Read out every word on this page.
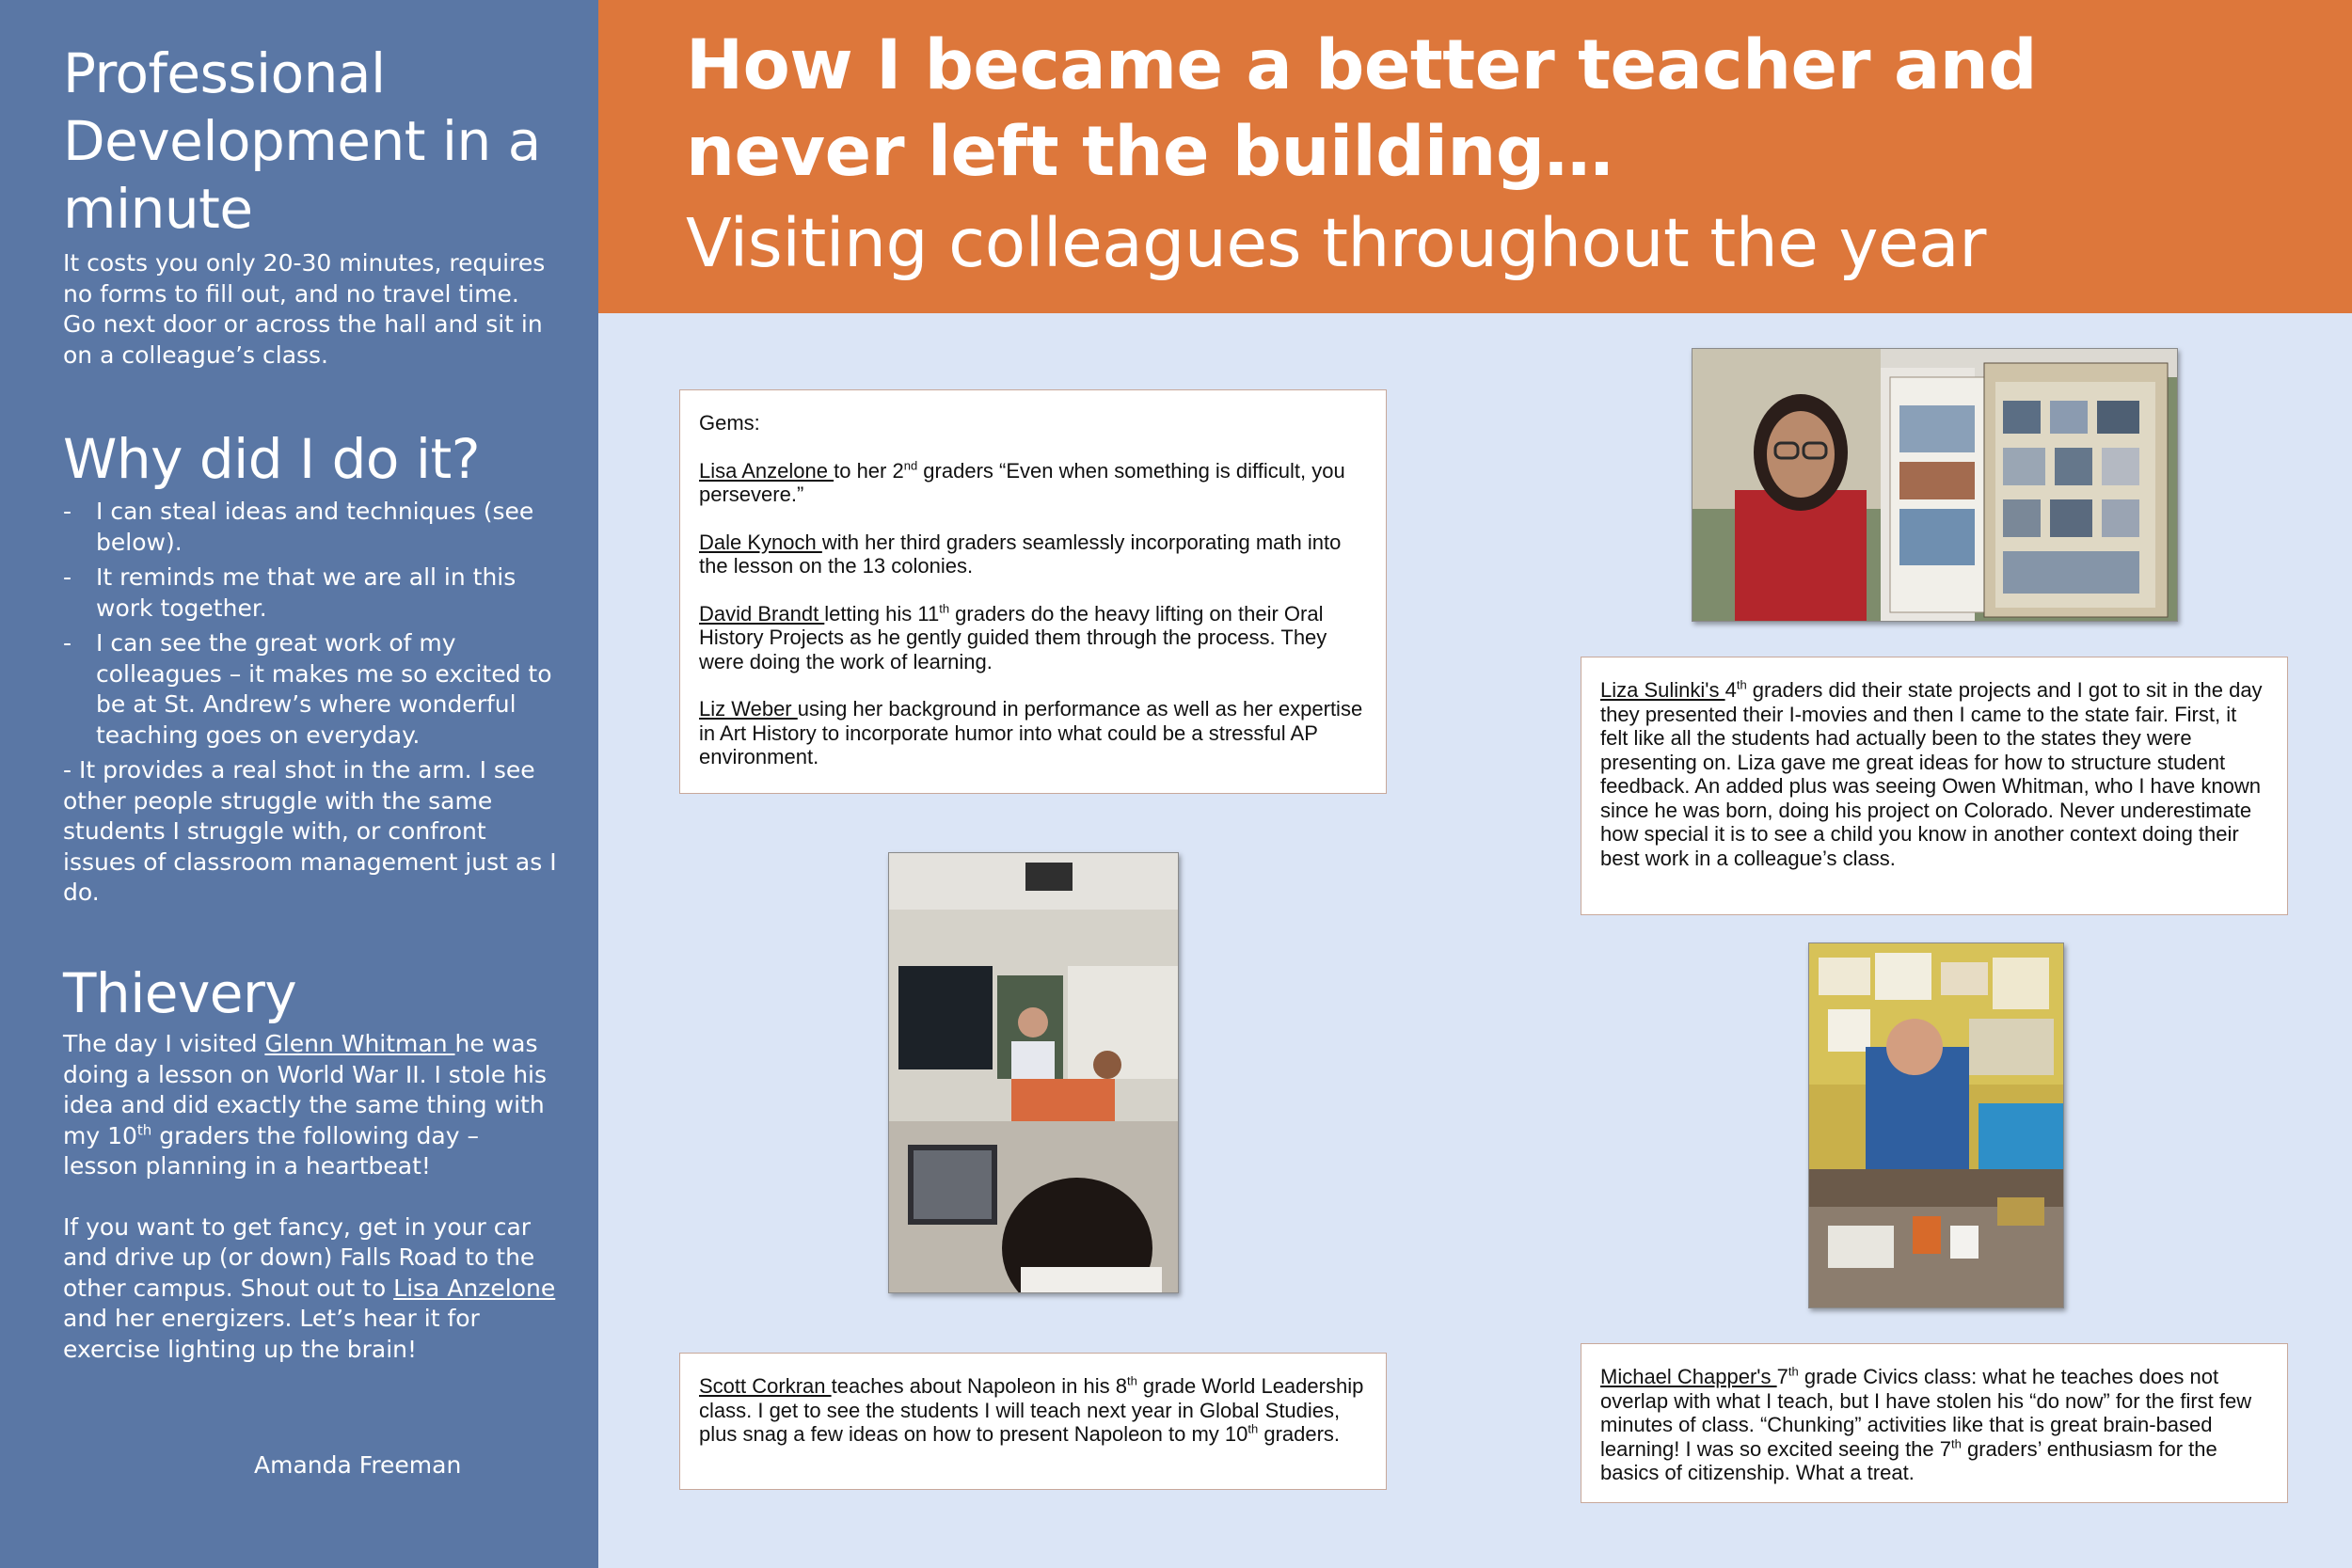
Professional Development in a minute
It costs you only 20-30 minutes, requires no forms to fill out, and no travel time. Go next door or across the hall and sit in on a colleague’s class.
Why did I do it?
- I can steal ideas and techniques (see below).
- It reminds me that we are all in this work together.
- I can see the great work of my colleagues – it makes me so excited to be at St. Andrew’s where wonderful teaching goes on everyday.
- It provides a real shot in the arm. I see other people struggle with the same students I struggle with, or confront issues of classroom management just as I do.
Thievery
The day I visited Glenn Whitman he was doing a lesson on World War II. I stole his idea and did exactly the same thing with my 10th graders the following day – lesson planning in a heartbeat!
If you want to get fancy, get in your car and drive up (or down) Falls Road to the other campus. Shout out to Lisa Anzelone and her energizers. Let’s hear it for exercise lighting up the brain!
Amanda Freeman
How I became a better teacher and
never left the building…
Visiting colleagues throughout the year
Gems:
Lisa Anzelone to her 2nd graders “Even when something is difficult, you persevere.”
Dale Kynoch with her third graders seamlessly incorporating math into the lesson on the 13 colonies.
David Brandt letting his 11th graders do the heavy lifting on their Oral History Projects as he gently guided them through the process. They were doing the work of learning.
Liz Weber using her background in performance as well as her expertise in Art History to incorporate humor into what could be a stressful AP environment.
Liza Sulinki's 4th graders did their state projects and I got to sit in the day they presented their I-movies and then I came to the state fair. First, it felt like all the students had actually been to the states they were presenting on. Liza gave me great ideas for how to structure student feedback. An added plus was seeing Owen Whitman, who I have known since he was born, doing his project on Colorado. Never underestimate how special it is to see a child you know in another context doing their best work in a colleague’s class.
Scott Corkran teaches about Napoleon in his 8th grade World Leadership class. I get to see the students I will teach next year in Global Studies, plus snag a few ideas on how to present Napoleon to my 10th graders.
Michael Chapper's 7th grade Civics class: what he teaches does not overlap with what I teach, but I have stolen his “do now” for the first few minutes of class. “Chunking” activities like that is great brain-based learning! I was so excited seeing the 7th graders’ enthusiasm for the basics of citizenship. What a treat.
